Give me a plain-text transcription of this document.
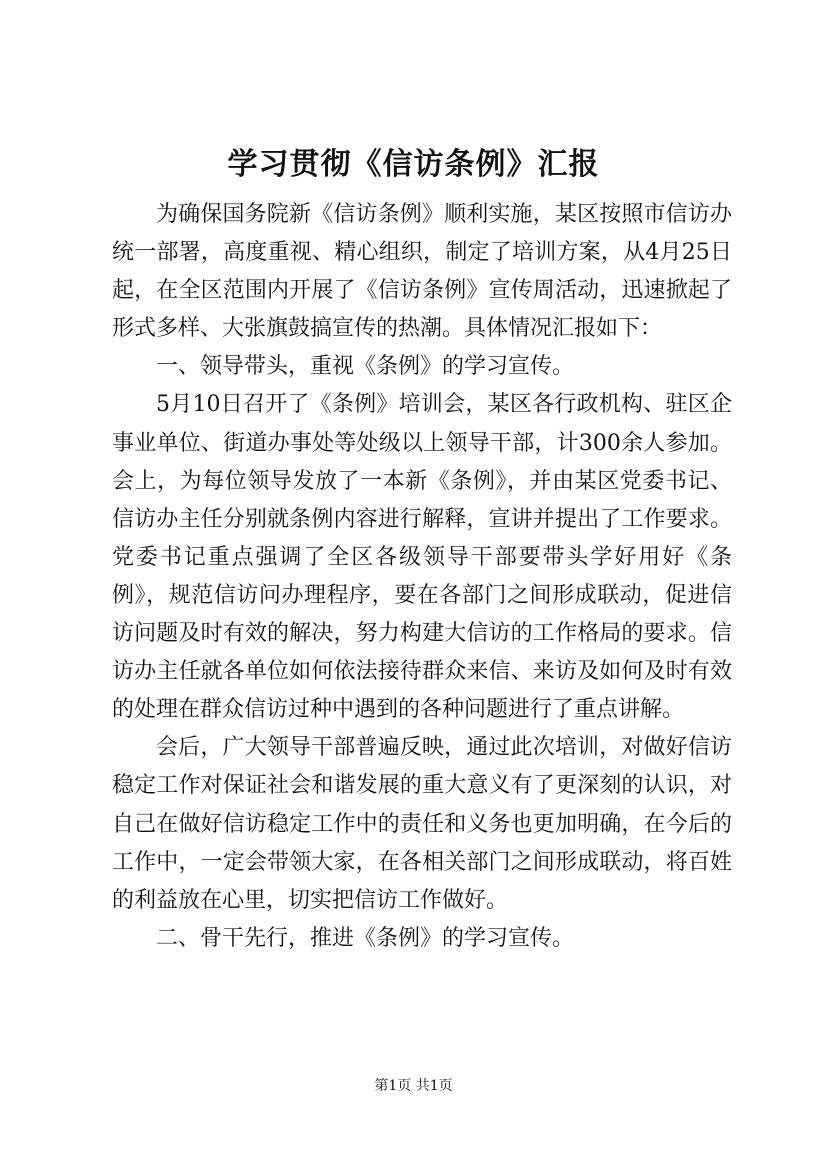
学习贯彻《信访条例》汇报

为确保国务院新《信访条例》顺利实施，某区按照市信访办统一部署，高度重视、精心组织，制定了培训方案，从4月25日起，在全区范围内开展了《信访条例》宣传周活动，迅速掀起了形式多样、大张旗鼓搞宣传的热潮。具体情况汇报如下：

一、领导带头，重视《条例》的学习宣传。

5月10日召开了《条例》培训会，某区各行政机构、驻区企事业单位、街道办事处等处级以上领导干部，计300余人参加。会上，为每位领导发放了一本新《条例》，并由某区党委书记、信访办主任分别就条例内容进行解释，宣讲并提出了工作要求。党委书记重点强调了全区各级领导干部要带头学好用好《条例》，规范信访问办理程序，要在各部门之间形成联动，促进信访问题及时有效的解决，努力构建大信访的工作格局的要求。信访办主任就各单位如何依法接待群众来信、来访及如何及时有效的处理在群众信访过种中遇到的各种问题进行了重点讲解。

会后，广大领导干部普遍反映，通过此次培训，对做好信访稳定工作对保证社会和谐发展的重大意义有了更深刻的认识，对自己在做好信访稳定工作中的责任和义务也更加明确，在今后的工作中，一定会带领大家，在各相关部门之间形成联动，将百姓的利益放在心里，切实把信访工作做好。

二、骨干先行，推进《条例》的学习宣传。

第1页 共1页
